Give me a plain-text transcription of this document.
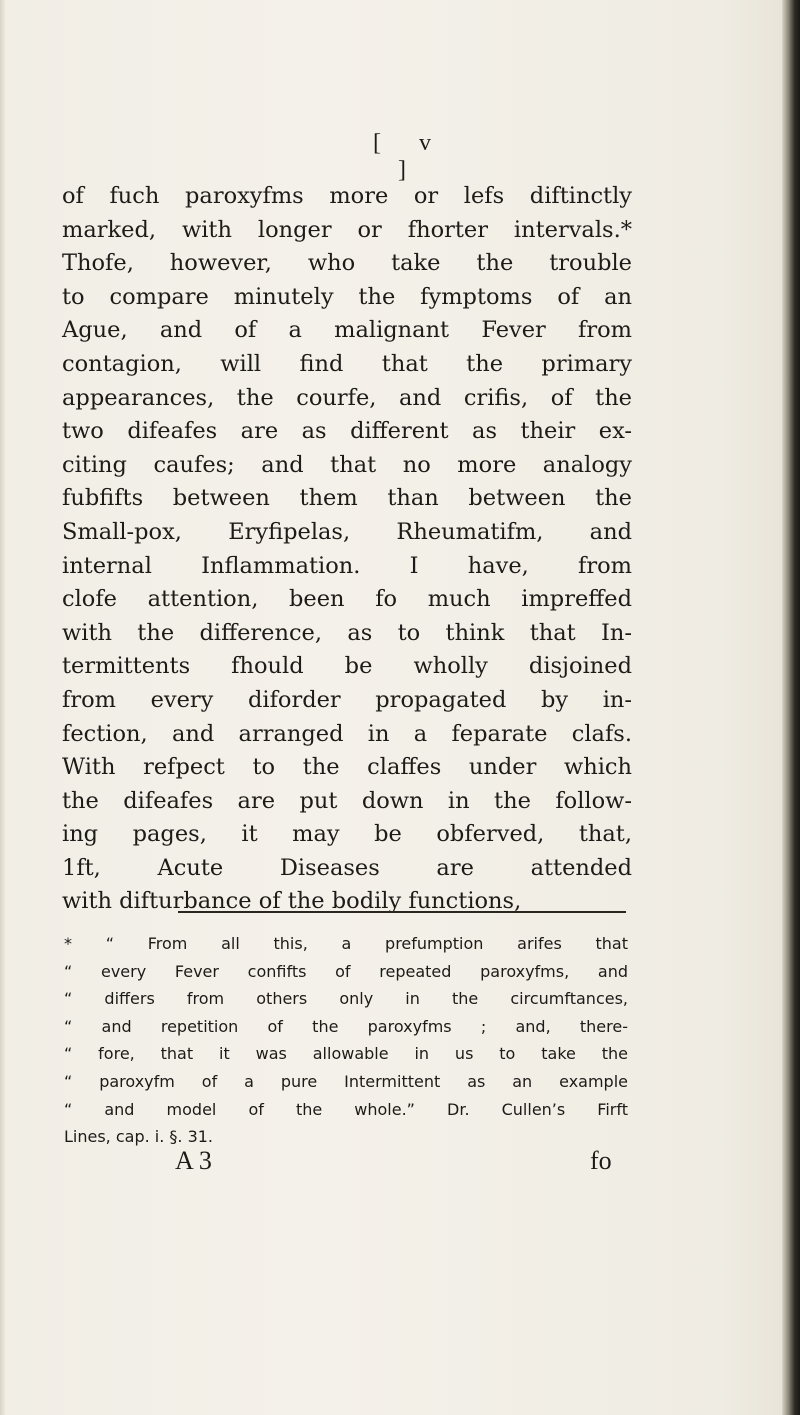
[ v ]
of fuch paroxyfms more or lefs diftinctly
marked, with longer or fhorter intervals.*
Thofe, however, who take the trouble
to compare minutely the fymptoms of an
Ague, and of a malignant Fever from
contagion, will find that the primary
appearances, the courfe, and crifis, of the
two difeafes are as different as their ex-
citing caufes; and that no more analogy
fubfifts between them than between the
Small-pox, Eryfipelas, Rheumatifm, and
internal Inflammation. I have, from
clofe attention, been fo much impreffed
with the difference, as to think that In-
termittents fhould be wholly disjoined
from every diforder propagated by in-
fection, and arranged in a feparate clafs.
With refpect to the claffes under which
the difeafes are put down in the follow-
ing pages, it may be obferved, that,
1ft, Acute Diseases are attended
with difturbance of the bodily functions,
* “ From all this, a prefumption arifes that
“ every Fever confifts of repeated paroxyfms, and
“ differs from others only in the circumftances,
“ and repetition of the paroxyfms ; and, there-
“ fore, that it was allowable in us to take the
“ paroxyfm of a pure Intermittent as an example
“ and model of the whole.” Dr. Cullen’s Firft
Lines, cap. i. §. 31.
A 3	fo
